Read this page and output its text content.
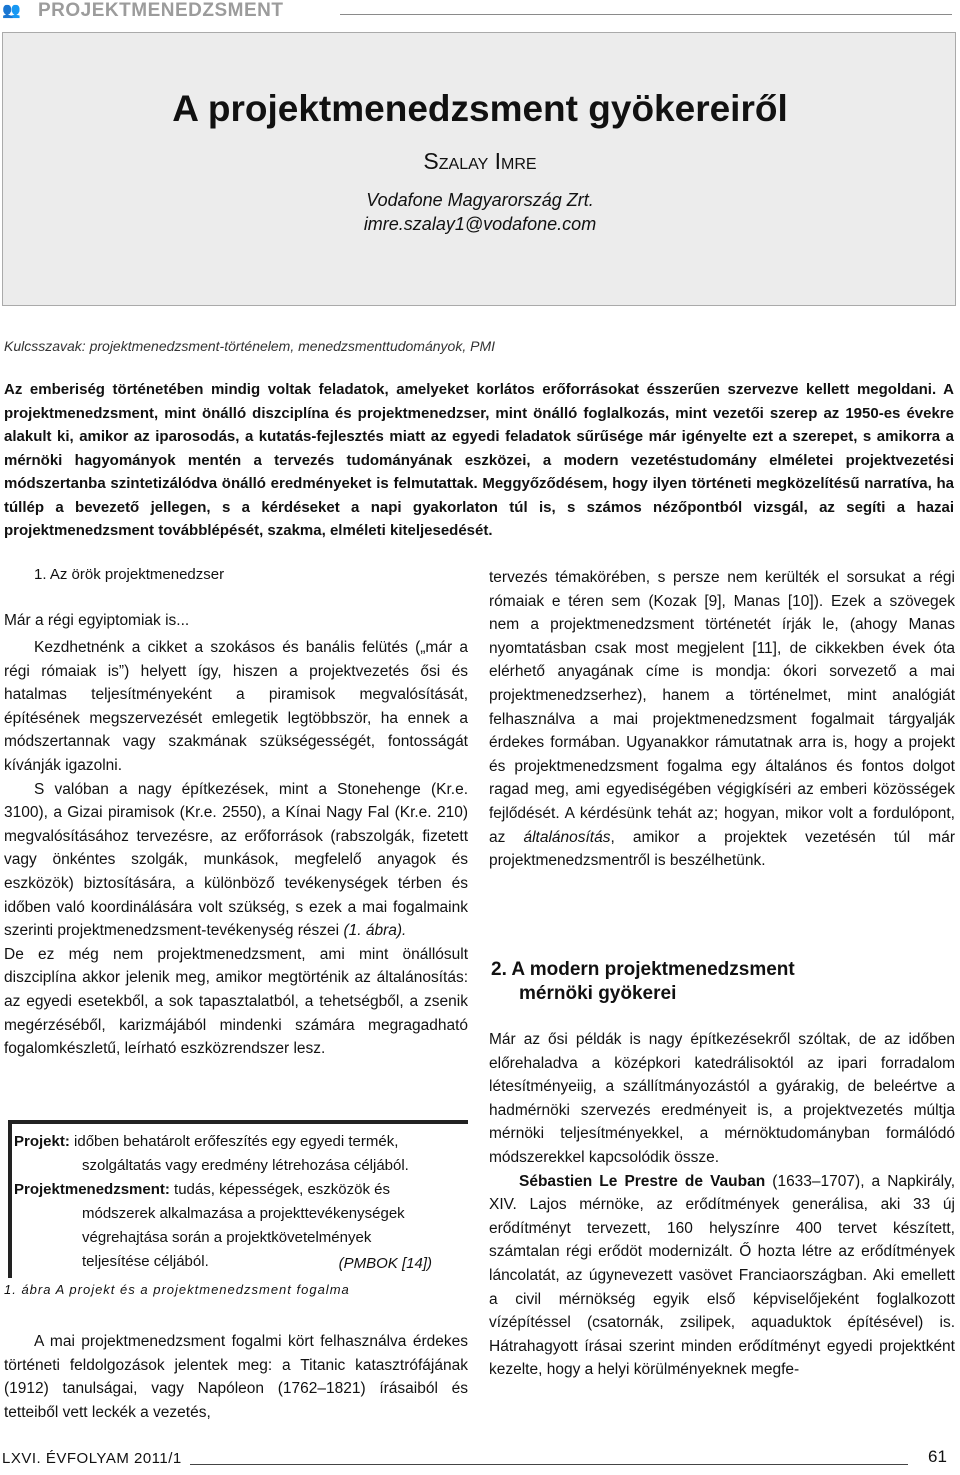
👥 PROJEKTMENEDZSMENT
A projektmenedzsment gyökereiről
Szalay Imre
Vodafone Magyarország Zrt.
imre.szalay1@vodafone.com
Kulcsszavak: projektmenedzsment-történelem, menedzsmenttudományok, PMI
Az emberiség történetében mindig voltak feladatok, amelyeket korlátos erőforrásokat ésszerűen szervezve kellett megoldani. A projektmenedzsment, mint önálló diszciplína és projektmenedzser, mint önálló foglalkozás, mint vezetői szerep az 1950-es évekre alakult ki, amikor az iparosodás, a kutatás-fejlesztés miatt az egyedi feladatok sűrűsége már igényelte ezt a szerepet, s amikorra a mérnöki hagyományok mentén a tervezés tudományának eszközei, a modern vezetéstudomány elméletei projektvezetési módszertanba szintetizálódva önálló eredményeket is felmutattak. Meggyőződésem, hogy ilyen történeti megközelítésű narratíva, ha túllép a bevezető jellegen, s a kérdéseket a napi gyakorlaton túl is, s számos nézőpontból vizsgál, az segíti a hazai projektmenedzsment továbblépését, szakma, elméleti kiteljesedését.
1. Az örök projektmenedzser
Már a régi egyiptomiak is...

Kezdhetnénk a cikket a szokásos és banális felütés („már a régi rómaiak is”) helyett így, hiszen a projektvezetés ősi és hatalmas teljesítményeként a piramisok megvalósítását, építésének megszervezését emlegetik legtöbbször, ha ennek a módszertannak vagy szakmának szükségességét, fontosságát kívánják igazolni.

S valóban a nagy építkezések, mint a Stonehenge (Kr.e. 3100), a Gizai piramisok (Kr.e. 2550), a Kínai Nagy Fal (Kr.e. 210) megvalósításához tervezésre, az erőforrások (rabszolgák, fizetett vagy önkéntes szolgák, munkások, megfelelő anyagok és eszközök) biztosítására, a különböző tevékenységek térben és időben való koordinálására volt szükség, s ezek a mai fogalmaink szerinti projektmenedzsment-tevékenység részei (1. ábra).

De ez még nem projektmenedzsment, ami mint önállósult diszciplína akkor jelenik meg, amikor megtörténik az általánosítás: az egyedi esetekből, a sok tapasztalatból, a tehetségből, a zsenik megérzéséből, karizmájából mindenki számára megragadható fogalomkészletű, leírható eszközrendszer lesz.

Projekt: időben behatárolt erőfeszítés egy egyedi termék,
szolgáltatás vagy eredmény létrehozása céljából.
Projektmenedzsment: tudás, képességek, eszközök és
módszerek alkalmazása a projekttevékenységek
végrehajtása során a projektkövetelmények
teljesítése céljából.	(PMBOK [14])
1. ábra A projekt és a projektmenedzsment fogalma

A mai projektmenedzsment fogalmi kört felhasználva érdekes történeti feldolgozások jelentek meg: a Titanic katasztrófájának (1912) tanulságai, vagy Napóleon (1762–1821) írásaiból és tetteiből vett leckék a vezetés,

tervezés témakörében, s persze nem kerülték el sorsukat a régi rómaiak e téren sem (Kozak [9], Manas [10]). Ezek a szövegek nem a projektmenedzsment történetét írják le, (ahogy Manas nyomtatásban csak most megjelent [11], de cikkekben évek óta elérhető anyagának címe is mondja: ókori sorvezető a mai projektmenedzserhez), hanem a történelmet, mint analógiát felhasználva a mai projektmenedzsment fogalmait tárgyalják érdekes formában. Ugyanakkor rámutatnak arra is, hogy a projekt és projektmenedzsment fogalma egy általános és fontos dolgot ragad meg, ami egyediségében végigkíséri az emberi közösségek fejlődését. A kérdésünk tehát az; hogyan, mikor volt a fordulópont, az általánosítás, amikor a projektek vezetésén túl már projektmenedzsmentről is beszélhetünk.

2. A modern projektmenedzsment
mérnöki gyökerei

Már az ősi példák is nagy építkezésekről szóltak, de az időben előrehaladva a középkori katedrálisoktól az ipari forradalom létesítményeiig, a szállítmányozástól a gyárakig, de beleértve a hadmérnöki szervezés eredményeit is, a projektvezetés múltja mérnöki teljesítményekkel, a mérnöktudományban formálódó módszerekkel kapcsolódik össze.

Sébastien Le Prestre de Vauban (1633–1707), a Napkirály, XIV. Lajos mérnöke, az erődítmények generálisa, aki 33 új erődítményt tervezett, 160 helyszínre 400 tervet készített, számtalan régi erődöt modernizált. Ő hozta létre az erődítmények láncolatát, az úgynevezett vasövet Franciaországban. Aki emellett a civil mérnökség egyik első képviselőjeként foglalkozott vízépítéssel (csatornák, zsilipek, aquaduktok építésével) is. Hátrahagyott írásai szerint minden erődítményt egyedi projektként kezelte, hogy a helyi körülményeknek megfe-

LXVI. ÉVFOLYAM 2011/1	61
